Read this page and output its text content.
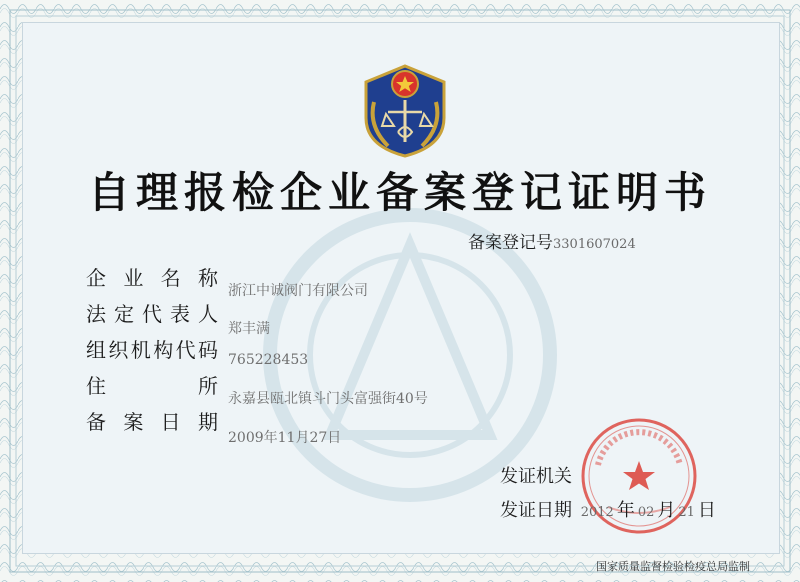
自理报检企业备案登记证明书
备案登记号3301607024
企业名称
浙江中诚阀门有限公司
法定代表人
郑丰满
组织机构代码 765228453
住所
永嘉县瓯北镇斗门头富强街40号
备案日期
2009年11月27日
发证机关
发证日期 2012 年 02 月 21 日
国家质量监督检验检疫总局监制
